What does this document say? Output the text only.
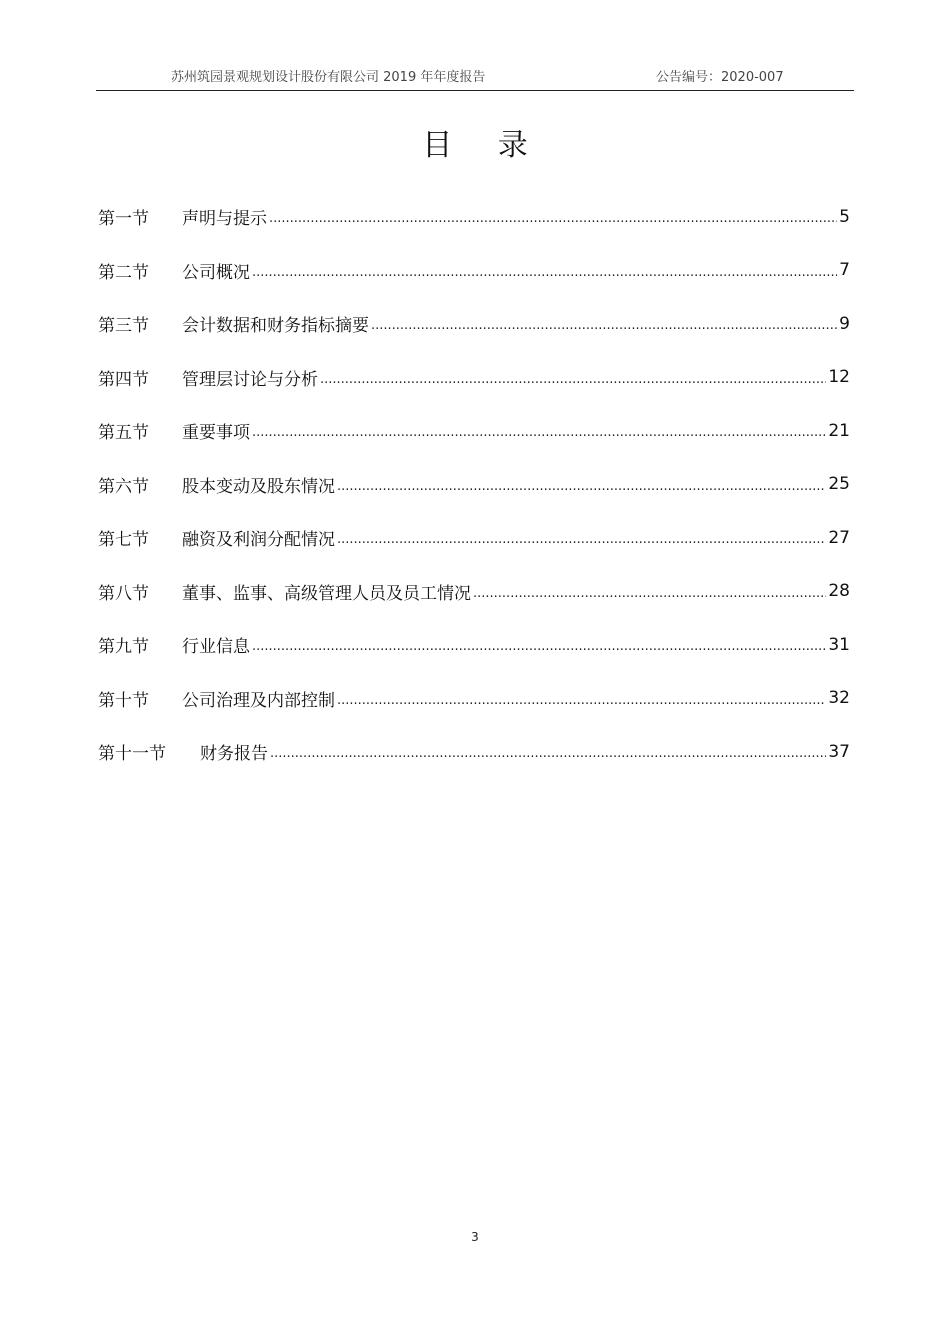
苏州筑园景观规划设计股份有限公司 2019 年年度报告	公告编号：2020-007
目 录
第一节	声明与提示 .....	5
第二节	公司概况 .....	7
第三节	会计数据和财务指标摘要 .....	9
第四节	管理层讨论与分析 .....	12
第五节	重要事项 .....	21
第六节	股本变动及股东情况 .....	25
第七节	融资及利润分配情况 .....	27
第八节	董事、监事、高级管理人员及员工情况 .....	28
第九节	行业信息 .....	31
第十节	公司治理及内部控制 .....	32
第十一节	财务报告 .....	37
3
